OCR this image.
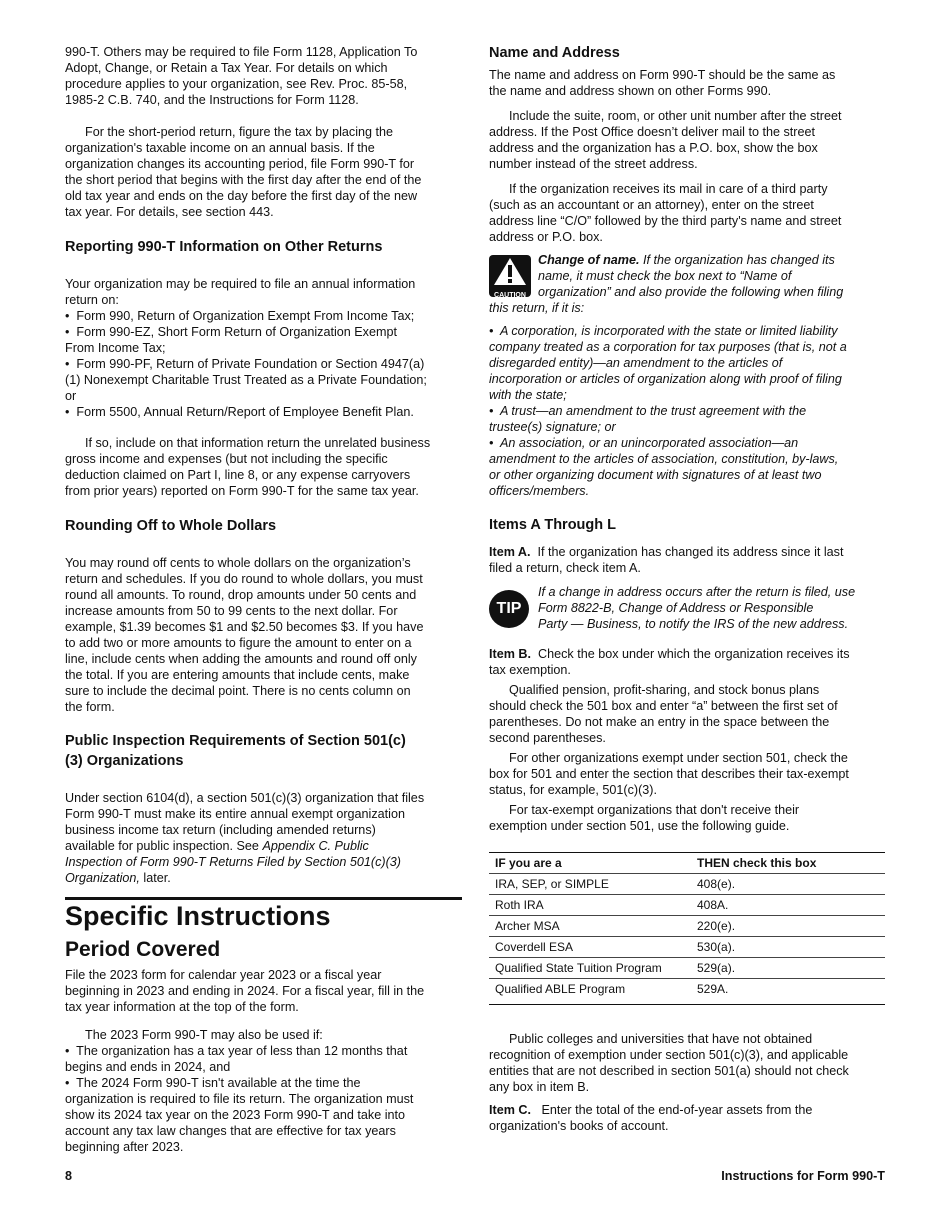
990-T. Others may be required to file Form 1128, Application To
Adopt, Change, or Retain a Tax Year. For details on which
procedure applies to your organization, see Rev. Proc. 85-58,
1985-2 C.B. 740, and the Instructions for Form 1128.
For the short-period return, figure the tax by placing the
organization's taxable income on an annual basis. If the
organization changes its accounting period, file Form 990-T for
the short period that begins with the first day after the end of the
old tax year and ends on the day before the first day of the new
tax year. For details, see section 443.
Reporting 990-T Information on Other Returns
Your organization may be required to file an annual information
return on:
•  Form 990, Return of Organization Exempt From Income Tax;
•  Form 990-EZ, Short Form Return of Organization Exempt
From Income Tax;
•  Form 990-PF, Return of Private Foundation or Section 4947(a)
(1) Nonexempt Charitable Trust Treated as a Private Foundation;
or
•  Form 5500, Annual Return/Report of Employee Benefit Plan.
If so, include on that information return the unrelated business
gross income and expenses (but not including the specific
deduction claimed on Part I, line 8, or any expense carryovers
from prior years) reported on Form 990-T for the same tax year.
Rounding Off to Whole Dollars
You may round off cents to whole dollars on the organization’s
return and schedules. If you do round to whole dollars, you must
round all amounts. To round, drop amounts under 50 cents and
increase amounts from 50 to 99 cents to the next dollar. For
example, $1.39 becomes $1 and $2.50 becomes $3. If you have
to add two or more amounts to figure the amount to enter on a
line, include cents when adding the amounts and round off only
the total. If you are entering amounts that include cents, make
sure to include the decimal point. There is no cents column on
the form.
Public Inspection Requirements of Section 501(c)
(3) Organizations
Under section 6104(d), a section 501(c)(3) organization that files
Form 990-T must make its entire annual exempt organization
business income tax return (including amended returns)
available for public inspection. See Appendix C. Public
Inspection of Form 990-T Returns Filed by Section 501(c)(3)
Organization, later.
Specific Instructions
Period Covered
File the 2023 form for calendar year 2023 or a fiscal year
beginning in 2023 and ending in 2024. For a fiscal year, fill in the
tax year information at the top of the form.
The 2023 Form 990-T may also be used if:
•  The organization has a tax year of less than 12 months that
begins and ends in 2024, and
•  The 2024 Form 990-T isn't available at the time the
organization is required to file its return. The organization must
show its 2024 tax year on the 2023 Form 990-T and take into
account any tax law changes that are effective for tax years
beginning after 2023.
Name and Address
The name and address on Form 990-T should be the same as
the name and address shown on other Forms 990.
Include the suite, room, or other unit number after the street
address. If the Post Office doesn’t deliver mail to the street
address and the organization has a P.O. box, show the box
number instead of the street address.
If the organization receives its mail in care of a third party
(such as an accountant or an attorney), enter on the street
address line “C/O” followed by the third party's name and street
address or P.O. box.
CAUTION
Change of name. If the organization has changed its
name, it must check the box next to “Name of
organization” and also provide the following when filing
this return, if it is:
•  A corporation, is incorporated with the state or limited liability
company treated as a corporation for tax purposes (that is, not a
disregarded entity)—an amendment to the articles of
incorporation or articles of organization along with proof of filing
with the state;
•  A trust—an amendment to the trust agreement with the
trustee(s) signature; or
•  An association, or an unincorporated association—an
amendment to the articles of association, constitution, by-laws,
or other organizing document with signatures of at least two
officers/members.
Items A Through L
Item A.  If the organization has changed its address since it last
filed a return, check item A.
TIP
If a change in address occurs after the return is filed, use
Form 8822-B, Change of Address or Responsible
Party — Business, to notify the IRS of the new address.
Item B.  Check the box under which the organization receives its
tax exemption.
Qualified pension, profit-sharing, and stock bonus plans
should check the 501 box and enter “a” between the first set of
parentheses. Do not make an entry in the space between the
second parentheses.
For other organizations exempt under section 501, check the
box for 501 and enter the section that describes their tax-exempt
status, for example, 501(c)(3).
For tax-exempt organizations that don't receive their
exemption under section 501, use the following guide.
IF you are a	THEN check this box
IRA, SEP, or SIMPLE	408(e).
Roth IRA	408A.
Archer MSA	220(e).
Coverdell ESA	530(a).
Qualified State Tuition Program	529(a).
Qualified ABLE Program	529A.
Public colleges and universities that have not obtained
recognition of exemption under section 501(c)(3), and applicable
entities that are not described in section 501(a) should not check
any box in item B.
Item C.   Enter the total of the end-of-year assets from the
organization's books of account.
8	Instructions for Form 990-T
